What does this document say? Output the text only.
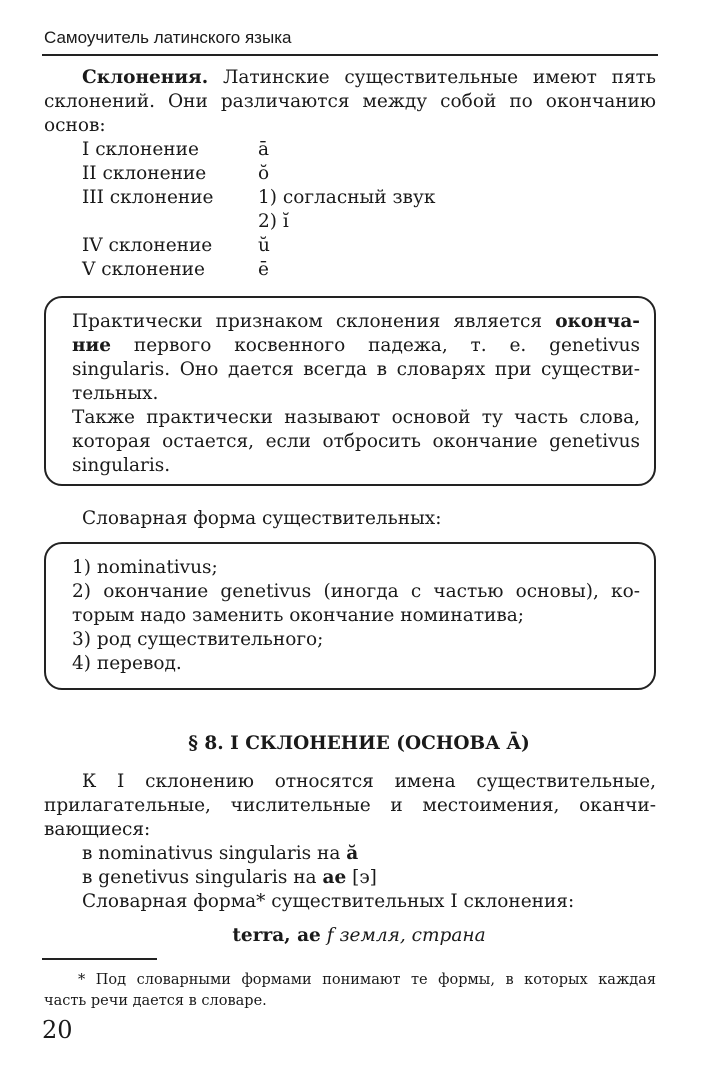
Самоучитель латинского языка
Склонения. Латинские существительные имеют пять
склонений. Они различаются между собой по окончанию
основ:
I склонение	ā
II склонение	ŏ
III склонение 1) согласный звук
2) ĭ
IV склонение ŭ
V склонение	ē
Практически признаком склонения является оконча-
ние первого косвенного падежа, т. е. genetivus
singularis. Оно дается всегда в словарях при существи-
тельных.
Также практически называют основой ту часть слова,
которая остается, если отбросить окончание genetivus
singularis.
Словарная форма существительных:
1) nominativus;
2) окончание genetivus (иногда с частью основы), ко-
торым надо заменить окончание номинатива;
3) род существительного;
4) перевод.
§ 8. I СКЛОНЕНИЕ (ОСНОВА Ā)
К I склонению относятся имена существительные,
прилагательные, числительные и местоимения, оканчи-
вающиеся:
в nominativus singularis на ă
в genetivus singularis на ae [э]
Словарная форма* существительных I склонения:
terra, ae f земля, страна
* Под словарными формами понимают те формы, в которых каждая
часть речи дается в словаре.
20
